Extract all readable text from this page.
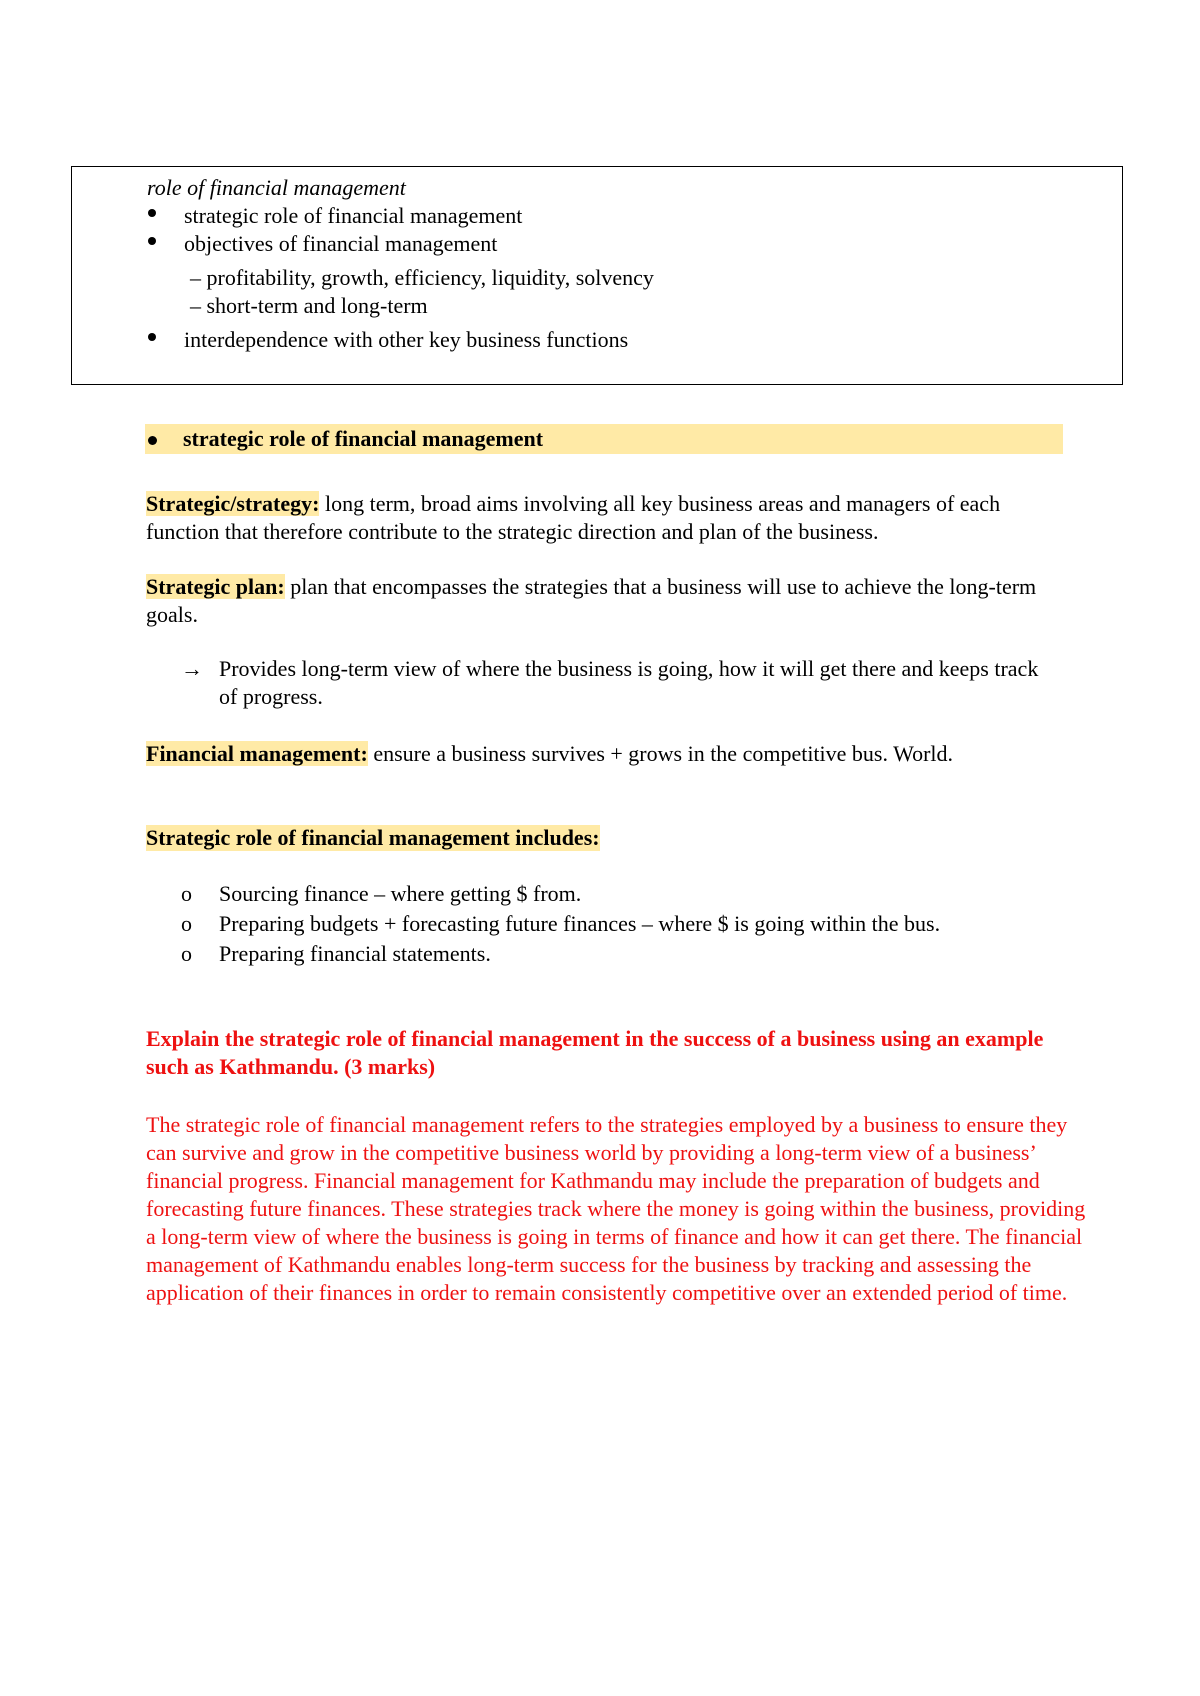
role of financial management
strategic role of financial management
objectives of financial management
– profitability, growth, efficiency, liquidity, solvency
– short-term and long-term
interdependence with other key business functions
strategic role of financial management
Strategic/strategy: long term, broad aims involving all key business areas and managers of each function that therefore contribute to the strategic direction and plan of the business.
Strategic plan: plan that encompasses the strategies that a business will use to achieve the long-term goals.
→ Provides long-term view of where the business is going, how it will get there and keeps track of progress.
Financial management: ensure a business survives + grows in the competitive bus. World.
Strategic role of financial management includes:
o Sourcing finance – where getting $ from.
o Preparing budgets + forecasting future finances – where $ is going within the bus.
o Preparing financial statements.
Explain the strategic role of financial management in the success of a business using an example such as Kathmandu. (3 marks)
The strategic role of financial management refers to the strategies employed by a business to ensure they can survive and grow in the competitive business world by providing a long-term view of a business’ financial progress. Financial management for Kathmandu may include the preparation of budgets and forecasting future finances. These strategies track where the money is going within the business, providing a long-term view of where the business is going in terms of finance and how it can get there. The financial management of Kathmandu enables long-term success for the business by tracking and assessing the application of their finances in order to remain consistently competitive over an extended period of time.
